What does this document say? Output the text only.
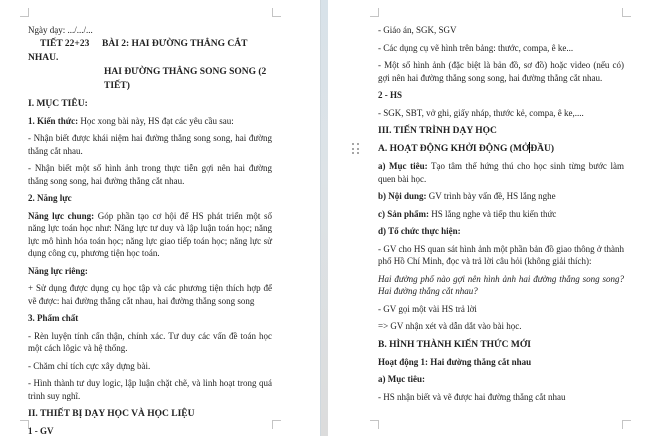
Ngày dạy: .../.../...

TIẾT 22+23 BÀI 2: HAI ĐƯỜNG THẲNG CẮT NHAU.

HAI ĐƯỜNG THẲNG SONG SONG (2 TIẾT)

I. MỤC TIÊU:

1. Kiến thức: Học xong bài này, HS đạt các yêu cầu sau:

- Nhận biết được khái niệm hai đường thẳng song song, hai đường thẳng cắt nhau.

- Nhận biết một số hình ảnh trong thực tiễn gợi nên hai đường thẳng song song, hai đường thẳng cắt nhau.

2. Năng lực

Năng lực chung: Góp phần tạo cơ hội để HS phát triển một số năng lực toán học như: Năng lực tư duy và lập luận toán học; năng lực mô hình hóa toán học; năng lực giao tiếp toán học; năng lực sử dụng công cụ, phương tiện học toán.

Năng lực riêng:

+ Sử dụng được dụng cụ học tập và các phương tiện thích hợp để vẽ được: hai đường thẳng cắt nhau, hai đường thẳng song song

3. Phẩm chất

- Rèn luyện tính cẩn thận, chính xác. Tư duy các vấn đề toán học một cách lôgic và hệ thống.

- Chăm chỉ tích cực xây dựng bài.

- Hình thành tư duy logic, lập luận chặt chẽ, và linh hoạt trong quá trình suy nghĩ.

II. THIẾT BỊ DẠY HỌC VÀ HỌC LIỆU

1 - GV

- Giáo án, SGK, SGV

- Các dụng cụ vẽ hình trên bảng: thước, compa, ê ke...

- Một số hình ảnh (đặc biệt là bản đồ, sơ đồ) hoặc video (nếu có) gợi nên hai đường thẳng song song, hai đường thẳng cắt nhau.

2 - HS

- SGK, SBT, vở ghi, giấy nháp, thước kẻ, compa, ê ke,....

III. TIẾN TRÌNH DẠY HỌC

A. HOẠT ĐỘNG KHỞI ĐỘNG (MỞĐẦU)

a) Mục tiêu: Tạo tâm thế hứng thú cho học sinh từng bước làm quen bài học.

b) Nội dung: GV trình bày vấn đề, HS lắng nghe

c) Sản phẩm: HS lắng nghe và tiếp thu kiến thức

d) Tổ chức thực hiện:

- GV cho HS quan sát hình ảnh một phần bản đồ giao thông ở thành phố Hồ Chí Minh, đọc và trả lời câu hỏi (không giải thích):

Hai đường phố nào gợi nên hình ảnh hai đường thẳng song song? Hai đường thẳng cắt nhau?

- GV gọi một vài HS trả lời

=> GV nhận xét và dẫn dắt vào bài học.

B. HÌNH THÀNH KIẾN THỨC MỚI

Hoạt động 1: Hai đường thẳng cắt nhau

a) Mục tiêu:

- HS nhận biết và vẽ được hai đường thẳng cắt nhau
